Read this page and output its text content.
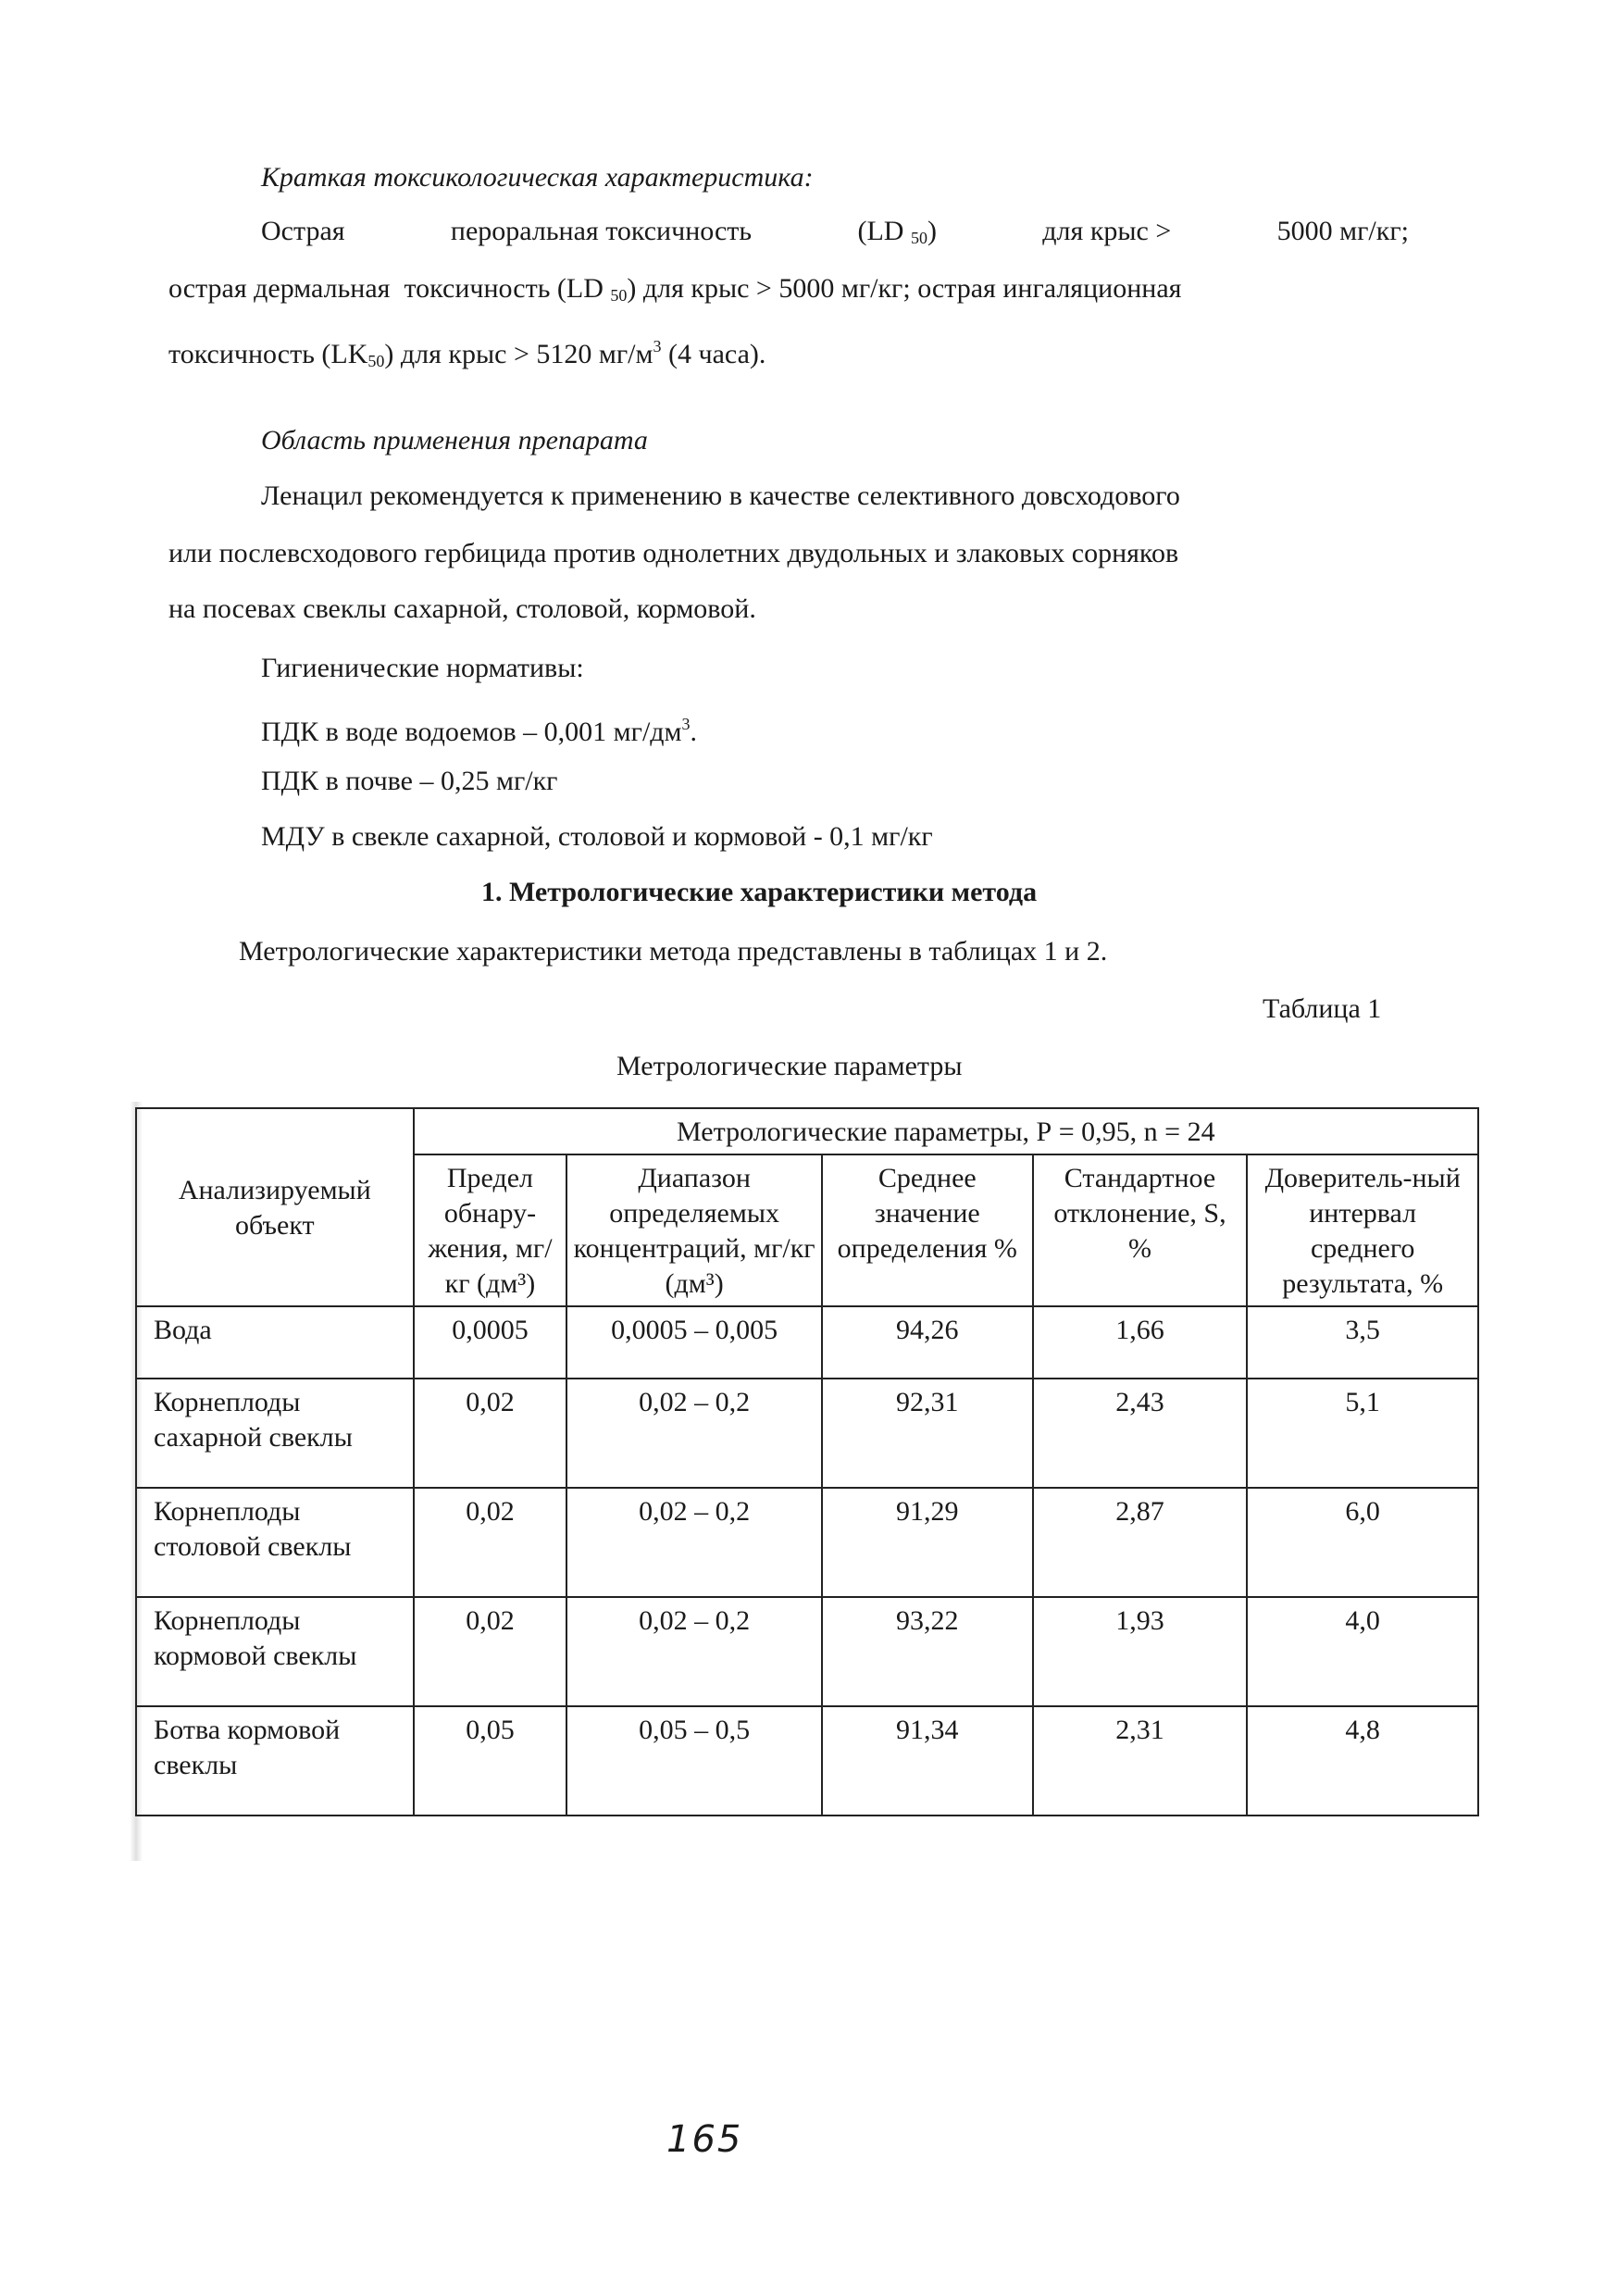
Краткая токсикологическая характеристика:
Острая	пероральная токсичность	(LD $_{50}$)	для крыс >	5000 мг/кг;
острая дермальная токсичность (LD $_{50}$) для крыс > 5000 мг/кг; острая ингаляционная
токсичность $(LK_{50})$ для крыс > 5120 $мг/м^3$ (4 часа).
Область применения препарата
Ленацил рекомендуется к применению в качестве селективного довсходового
или послевсходового гербицида против однолетних двудольных и злаковых сорняков
на посевах свеклы сахарной, столовой, кормовой.
Гигиенические нормативы:
ПДК в воде водоемов – 0,001 $мг/дм^3$.
ПДК в почве – 0,25 мг/кг
МДУ в свекле сахарной, столовой и кормовой - 0,1 мг/кг
1. Метрологические характеристики метода
Метрологические характеристики метода представлены в таблицах 1 и 2.
Таблица 1
Метрологические параметры
Анализируемый объект	Метрологические параметры, Р = 0,95, n = 24				
	Предел обнару-жения, мг/кг (дм³)	Диапазон определяемых концентраций, мг/кг (дм³)	Среднее значение определения %	Стандартное отклонение, S, %	Доверитель-ный интервал среднего результата, %
Вода	0,0005	0,0005 – 0,005	94,26	1,66	3,5
Корнеплоды сахарной свеклы	0,02	0,02 – 0,2	92,31	2,43	5,1
Корнеплоды столовой свеклы	0,02	0,02 – 0,2	91,29	2,87	6,0
Корнеплоды кормовой свеклы	0,02	0,02 – 0,2	93,22	1,93	4,0
Ботва кормовой свеклы	0,05	0,05 – 0,5	91,34	2,31	4,8
165
